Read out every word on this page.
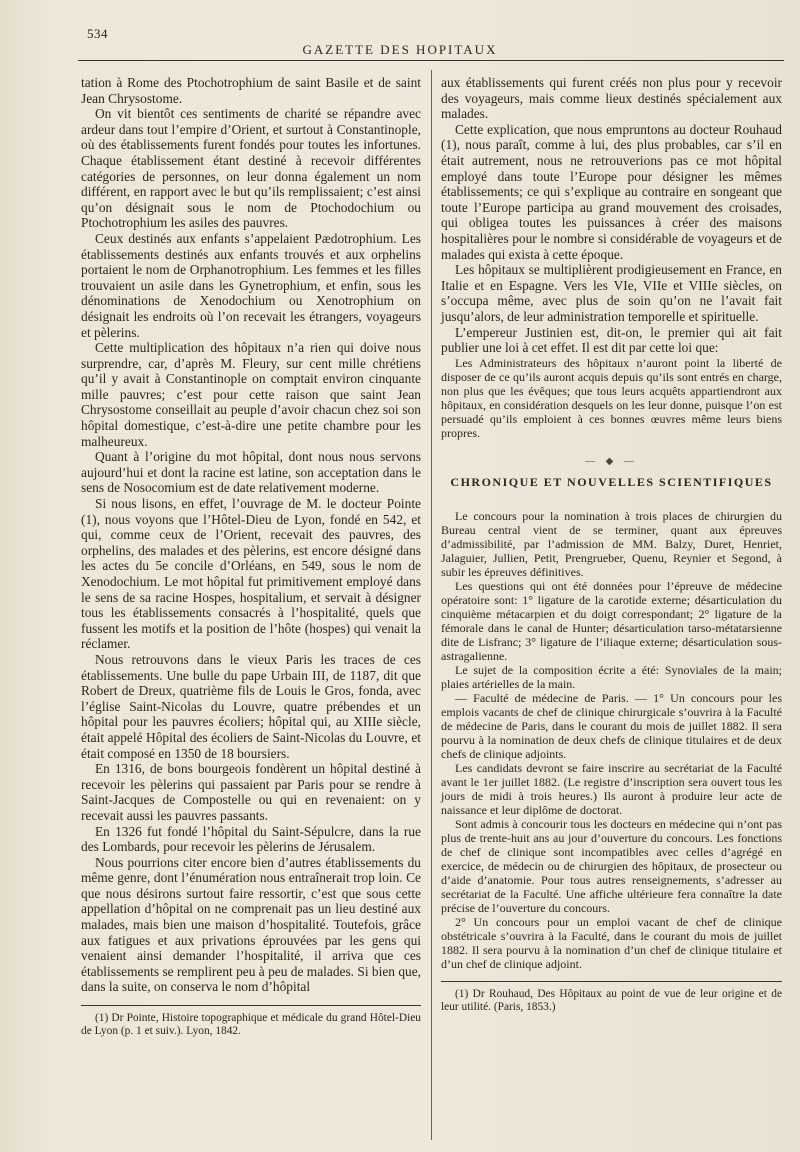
534
GAZETTE DES HOPITAUX

tation à Rome des Ptochotrophium de saint Basile et de saint Jean Chrysostome.

On vit bientôt ces sentiments de charité se répandre avec ardeur dans tout l’empire d’Orient, et surtout à Constantinople, où des établissements furent fondés pour toutes les infortunes. Chaque établissement étant destiné à recevoir différentes catégories de personnes, on leur donna également un nom différent, en rapport avec le but qu’ils remplissaient; c’est ainsi qu’on désignait sous le nom de Ptochodochium ou Ptochotrophium les asiles des pauvres.

Ceux destinés aux enfants s’appelaient Pædotrophium. Les établissements destinés aux enfants trouvés et aux orphelins portaient le nom de Orphanotrophium. Les femmes et les filles trouvaient un asile dans les Gynetrophium, et enfin, sous les dénominations de Xenodochium ou Xenotrophium on désignait les endroits où l’on recevait les étrangers, voyageurs et pèlerins.

Cette multiplication des hôpitaux n’a rien qui doive nous surprendre, car, d’après M. Fleury, sur cent mille chrétiens qu’il y avait à Constantinople on comptait environ cinquante mille pauvres; c’est pour cette raison que saint Jean Chrysostome conseillait au peuple d’avoir chacun chez soi son hôpital domestique, c’est-à-dire une petite chambre pour les malheureux.

Quant à l’origine du mot hôpital, dont nous nous servons aujourd’hui et dont la racine est latine, son acceptation dans le sens de Nosocomium est de date relativement moderne.

Si nous lisons, en effet, l’ouvrage de M. le docteur Pointe (1), nous voyons que l’Hôtel-Dieu de Lyon, fondé en 542, et qui, comme ceux de l’Orient, recevait des pauvres, des orphelins, des malades et des pèlerins, est encore désigné dans les actes du 5e concile d’Orléans, en 549, sous le nom de Xenodochium. Le mot hôpital fut primitivement employé dans le sens de sa racine Hospes, hospitalium, et servait à désigner tous les établissements consacrés à l’hospitalité, quels que fussent les motifs et la position de l’hôte (hospes) qui venait la réclamer.

Nous retrouvons dans le vieux Paris les traces de ces établissements. Une bulle du pape Urbain III, de 1187, dit que Robert de Dreux, quatrième fils de Louis le Gros, fonda, avec l’église Saint-Nicolas du Louvre, quatre prébendes et un hôpital pour les pauvres écoliers; hôpital qui, au XIIIe siècle, était appelé Hôpital des écoliers de Saint-Nicolas du Louvre, et était composé en 1350 de 18 boursiers.

En 1316, de bons bourgeois fondèrent un hôpital destiné à recevoir les pèlerins qui passaient par Paris pour se rendre à Saint-Jacques de Compostelle ou qui en revenaient: on y recevait aussi les pauvres passants.

En 1326 fut fondé l’hôpital du Saint-Sépulcre, dans la rue des Lombards, pour recevoir les pèlerins de Jérusalem.

Nous pourrions citer encore bien d’autres établissements du même genre, dont l’énumération nous entraînerait trop loin. Ce que nous désirons surtout faire ressortir, c’est que sous cette appellation d’hôpital on ne comprenait pas un lieu destiné aux malades, mais bien une maison d’hospitalité. Toutefois, grâce aux fatigues et aux privations éprouvées par les gens qui venaient ainsi demander l’hospitalité, il arriva que ces établissements se remplirent peu à peu de malades. Si bien que, dans la suite, on conserva le nom d’hôpital

(1) Dr Pointe, Histoire topographique et médicale du grand Hôtel-Dieu de Lyon (p. 1 et suiv.). Lyon, 1842.

aux établissements qui furent créés non plus pour y recevoir des voyageurs, mais comme lieux destinés spécialement aux malades.

Cette explication, que nous empruntons au docteur Rouhaud (1), nous paraît, comme à lui, des plus probables, car s’il en était autrement, nous ne retrouverions pas ce mot hôpital employé dans toute l’Europe pour désigner les mêmes établissements; ce qui s’explique au contraire en songeant que toute l’Europe participa au grand mouvement des croisades, qui obligea toutes les puissances à créer des maisons hospitalières pour le nombre si considérable de voyageurs et de malades qui exista à cette époque.

Les hôpitaux se multiplièrent prodigieusement en France, en Italie et en Espagne. Vers les VIe, VIIe et VIIIe siècles, on s’occupa même, avec plus de soin qu’on ne l’avait fait jusqu’alors, de leur administration temporelle et spirituelle.

L’empereur Justinien est, dit-on, le premier qui ait fait publier une loi à cet effet. Il est dit par cette loi que:

Les Administrateurs des hôpitaux n’auront point la liberté de disposer de ce qu’ils auront acquis depuis qu’ils sont entrés en charge, non plus que les évêques; que tous leurs acquêts appartiendront aux hôpitaux, en considération desquels on les leur donne, puisque l’on est persuadé qu’ils emploient à ces bonnes œuvres même leurs biens propres.

— ◆ —
CHRONIQUE ET NOUVELLES SCIENTIFIQUES

Le concours pour la nomination à trois places de chirurgien du Bureau central vient de se terminer, quant aux épreuves d’admissibilité, par l’admission de MM. Balzy, Duret, Henriet, Jalaguier, Jullien, Petit, Prengrueber, Quenu, Reynier et Segond, à subir les épreuves définitives.

Les questions qui ont été données pour l’épreuve de médecine opératoire sont: 1° ligature de la carotide externe; désarticulation du cinquième métacarpien et du doigt correspondant; 2° ligature de la fémorale dans le canal de Hunter; désarticulation tarso-métatarsienne dite de Lisfranc; 3° ligature de l’iliaque externe; désarticulation sous-astragalienne.

Le sujet de la composition écrite a été: Synoviales de la main; plaies artérielles de la main.

— Faculté de médecine de Paris. — 1° Un concours pour les emplois vacants de chef de clinique chirurgicale s’ouvrira à la Faculté de médecine de Paris, dans le courant du mois de juillet 1882. Il sera pourvu à la nomination de deux chefs de clinique titulaires et de deux chefs de clinique adjoints.

Les candidats devront se faire inscrire au secrétariat de la Faculté avant le 1er juillet 1882. (Le registre d’inscription sera ouvert tous les jours de midi à trois heures.) Ils auront à produire leur acte de naissance et leur diplôme de doctorat.

Sont admis à concourir tous les docteurs en médecine qui n’ont pas plus de trente-huit ans au jour d’ouverture du concours. Les fonctions de chef de clinique sont incompatibles avec celles d’agrégé en exercice, de médecin ou de chirurgien des hôpitaux, de prosecteur ou d’aide d’anatomie. Pour tous autres renseignements, s’adresser au secrétariat de la Faculté. Une affiche ultérieure fera connaître la date précise de l’ouverture du concours.

2° Un concours pour un emploi vacant de chef de clinique obstétricale s’ouvrira à la Faculté, dans le courant du mois de juillet 1882. Il sera pourvu à la nomination d’un chef de clinique titulaire et d’un chef de clinique adjoint.

(1) Dr Rouhaud, Des Hôpitaux au point de vue de leur origine et de leur utilité. (Paris, 1853.)
